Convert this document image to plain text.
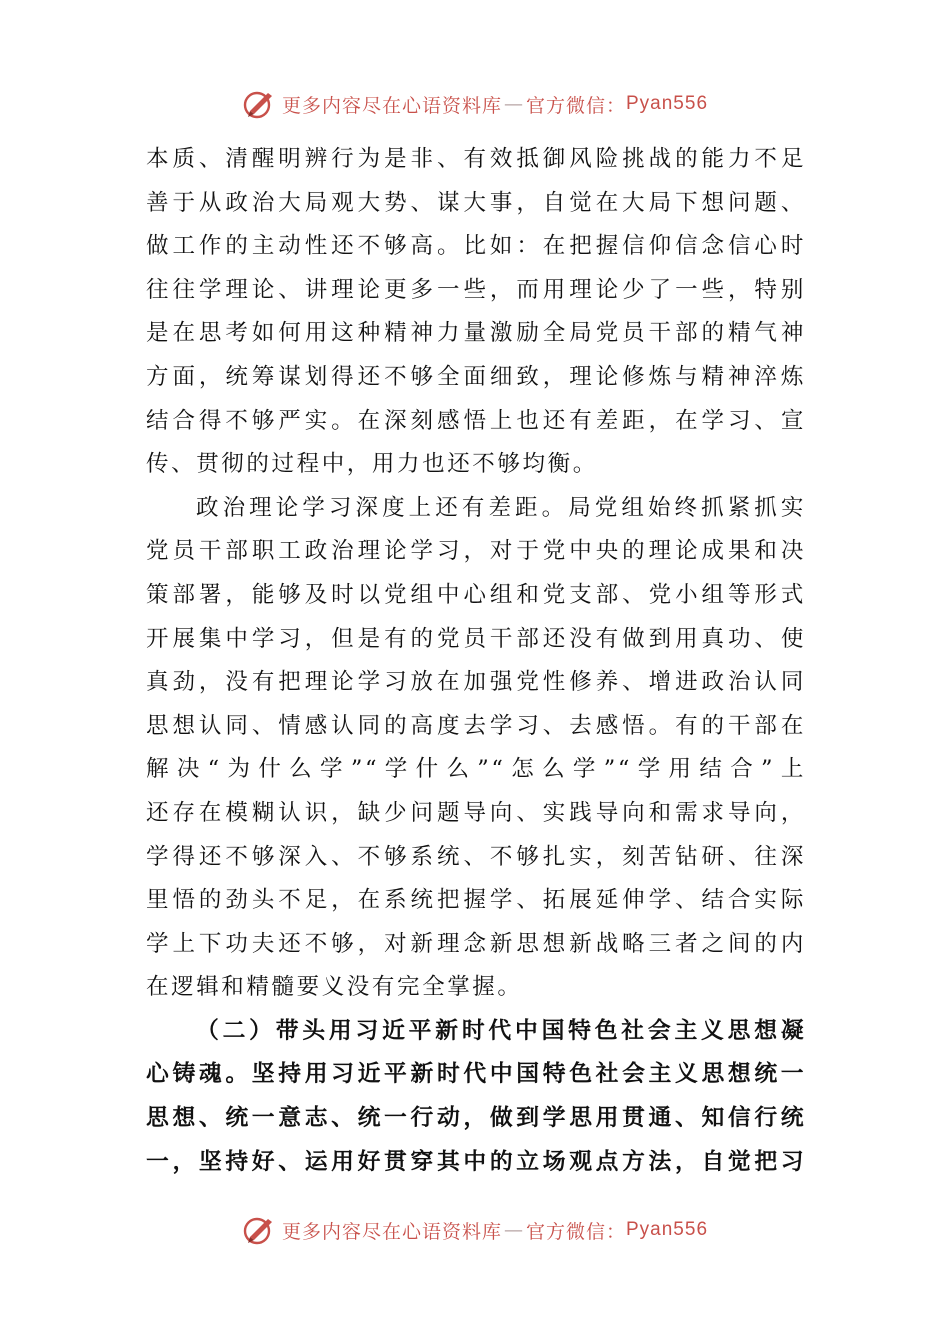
更多内容尽在心语资料库 — 官方微信： Pyan556
本质、清醒明辨行为是非、有效抵御风险挑战的能力不足
善于从政治大局观大势、谋大事，自觉在大局下想问题、
做工作的主动性还不够高。比如：在把握信仰信念信心时
往往学理论、讲理论更多一些，而用理论少了一些，特别
是在思考如何用这种精神力量激励全局党员干部的精气神
方面，统筹谋划得还不够全面细致，理论修炼与精神淬炼
结合得不够严实。在深刻感悟上也还有差距，在学习、宣
传、贯彻的过程中，用力也还不够均衡。
政治理论学习深度上还有差距。局党组始终抓紧抓实
党员干部职工政治理论学习，对于党中央的理论成果和决
策部署，能够及时以党组中心组和党支部、党小组等形式
开展集中学习，但是有的党员干部还没有做到用真功、使
真劲，没有把理论学习放在加强党性修养、增进政治认同
思想认同、情感认同的高度去学习、去感悟。有的干部在
解决“为什么学”“学什么”“怎么学”“学用结合”上
还存在模糊认识，缺少问题导向、实践导向和需求导向，
学得还不够深入、不够系统、不够扎实，刻苦钻研、往深
里悟的劲头不足，在系统把握学、拓展延伸学、结合实际
学上下功夫还不够，对新理念新思想新战略三者之间的内
在逻辑和精髓要义没有完全掌握。
（二）带头用习近平新时代中国特色社会主义思想凝
心铸魂。坚持用习近平新时代中国特色社会主义思想统一
思想、统一意志、统一行动，做到学思用贯通、知信行统
一，坚持好、运用好贯穿其中的立场观点方法，自觉把习
更多内容尽在心语资料库 — 官方微信： Pyan556
